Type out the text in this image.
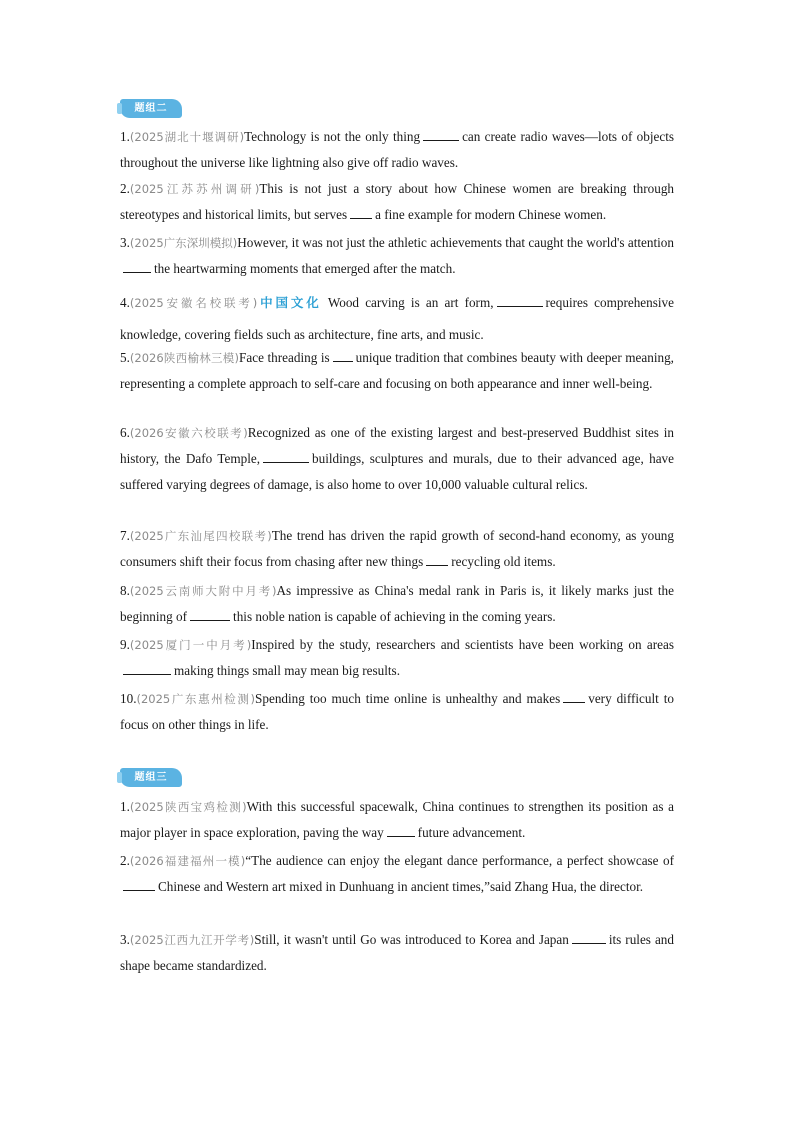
题组二
1.(2025湖北十堰调研)Technology is not the only thing	can create radio waves—lots of objects throughout the universe like lightning also give off radio waves.
2.(2025江苏苏州调研)This is not just a story about how Chinese women are breaking through stereotypes and historical limits, but serves a fine example for modern Chinese women.
3.(2025广东深圳模拟)However, it was not just the athletic achievements that caught the world's attentionthe heartwarming moments that emerged after the match.
4.(2025安徽名校联考)中国文化 Wood carving is an art form,	requires comprehensive knowledge, covering fields such as architecture, fine arts, and music.
5.(2026陕西榆林三模)Face threading is unique tradition that combines beauty with deeper meaning, representing a complete approach to self-care and focusing on both appearance and inner well-being.
6.(2026安徽六校联考)Recognized as one of the existing largest and best-preserved Buddhist sites in history, the Dafo Temple,	buildings, sculptures and murals, due to their advanced age, have suffered varying degrees of damage, is also home to over 10,000 valuable cultural relics.
7.(2025广东汕尾四校联考)The trend has driven the rapid growth of second-hand economy, as young consumers shift their focus from chasing after new things recycling old items.
8.(2025云南师大附中月考)As impressive as China's medal rank in Paris is, it likely marks just the beginning of	this noble nation is capable of achieving in the coming years.
9.(2025厦门一中月考)Inspired by the study, researchers and scientists have been working on areasmaking things small may mean big results.
10.(2025广东惠州检测)Spending too much time online is unhealthy and makes very difficult to focus on other things in life.
题组三
1.(2025陕西宝鸡检测)With this successful spacewalk, China continues to strengthen its position as a major player in space exploration, paving the way	future advancement.
2.(2026福建福州一模)“The audience can enjoy the elegant dance performance, a perfect showcase ofChinese and Western art mixed in Dunhuang in ancient times,”said Zhang Hua, the director.
3.(2025江西九江开学考)Still, it wasn't until Go was introduced to Korea and Japan	its rules and shape became standardized.
